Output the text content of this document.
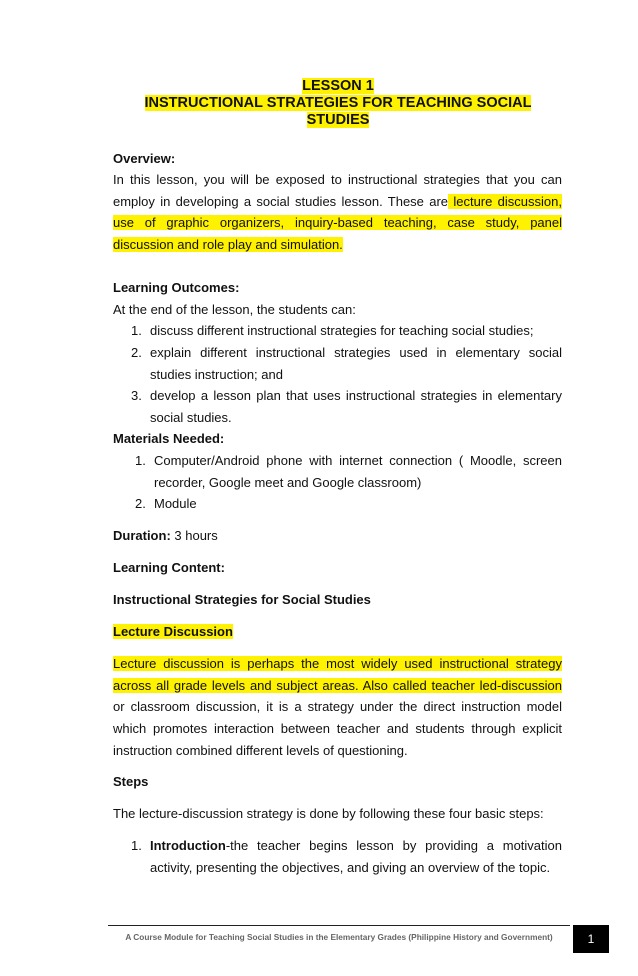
LESSON 1
INSTRUCTIONAL STRATEGIES FOR TEACHING SOCIAL
STUDIES
Overview:
In this lesson, you will be exposed to instructional strategies that you can employ in developing a social studies lesson. These are lecture discussion, use of graphic organizers, inquiry-based teaching, case study, panel discussion and role play and simulation.
Learning Outcomes:
At the end of the lesson, the students can:
1. discuss different instructional strategies for teaching social studies;
2. explain different instructional strategies used in elementary social studies instruction; and
3. develop a lesson plan that uses instructional strategies in elementary social studies.
Materials Needed:
1. Computer/Android phone with internet connection ( Moodle, screen recorder, Google meet and Google classroom)
2. Module
Duration: 3 hours
Learning Content:
Instructional Strategies for Social Studies
Lecture Discussion
Lecture discussion is perhaps the most widely used instructional strategy across all grade levels and subject areas. Also called teacher led-discussion or classroom discussion, it is a strategy under the direct instruction model which promotes interaction between teacher and students through explicit instruction combined different levels of questioning.
Steps
The lecture-discussion strategy is done by following these four basic steps:
1. Introduction-the teacher begins lesson by providing a motivation activity, presenting the objectives, and giving an overview of the topic.
A Course Module for Teaching Social Studies in the Elementary Grades (Philippine History and Government)	1
